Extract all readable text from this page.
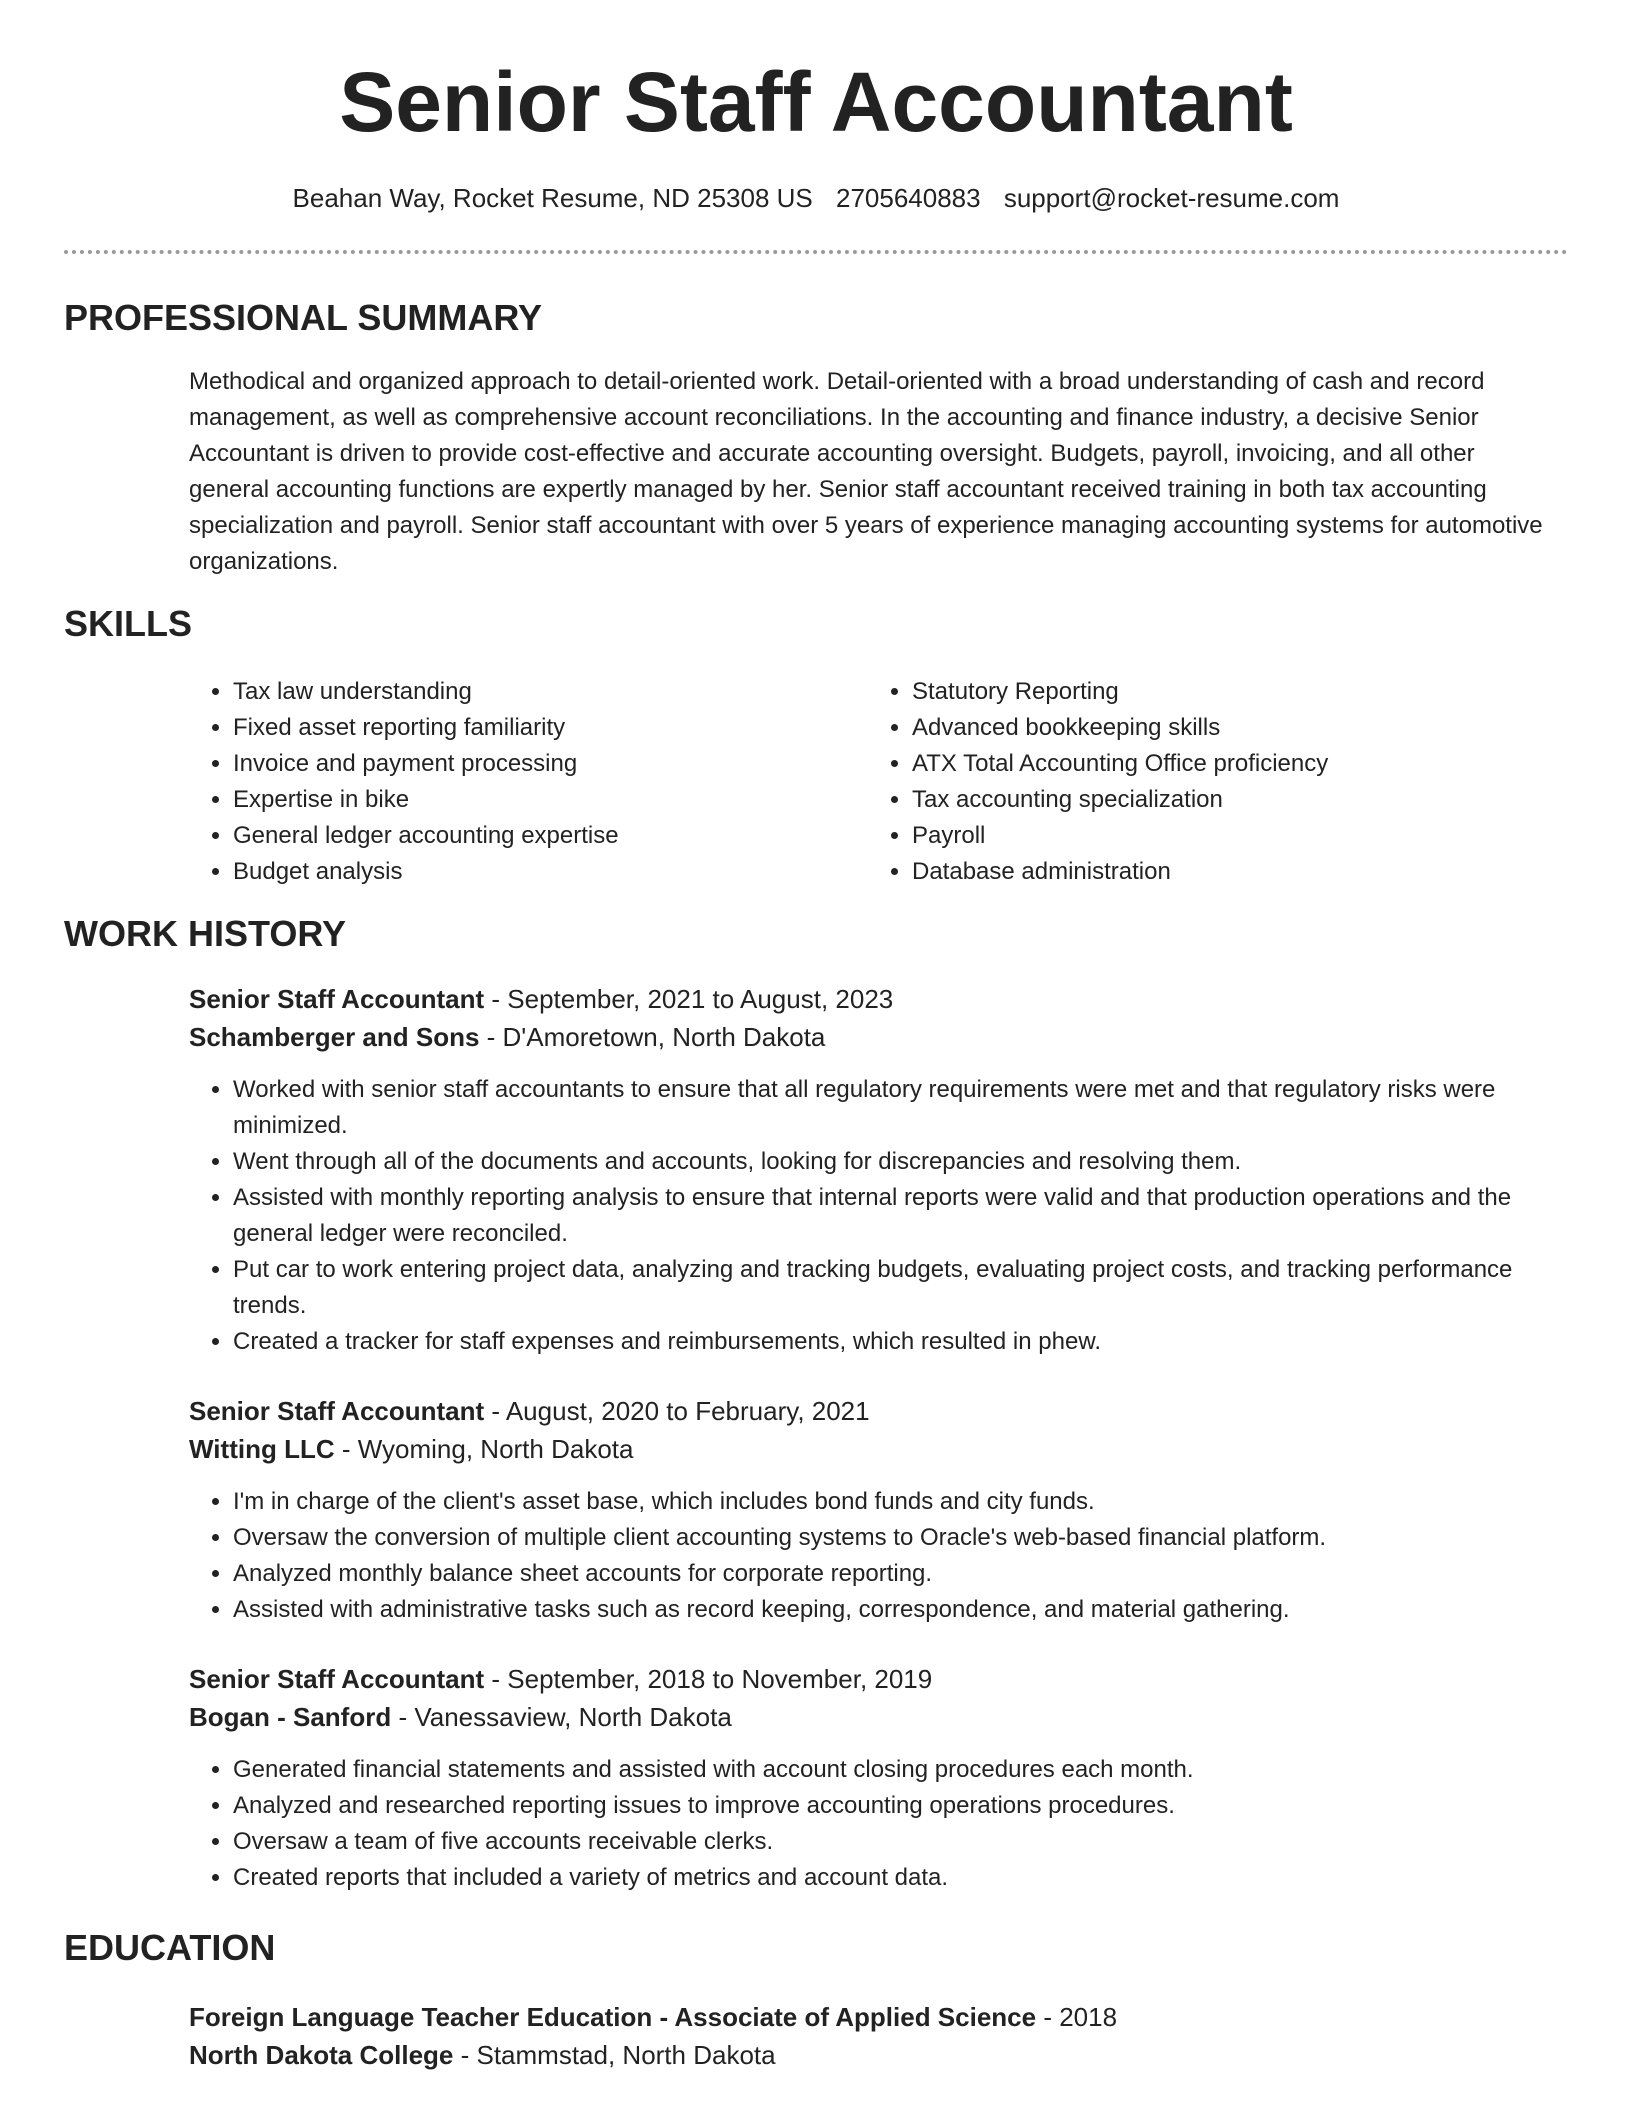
Senior Staff Accountant
Beahan Way, Rocket Resume, ND 25308 US 2705640883 support@rocket-resume.com
PROFESSIONAL SUMMARY
Methodical and organized approach to detail-oriented work. Detail-oriented with a broad understanding of cash and record management, as well as comprehensive account reconciliations. In the accounting and finance industry, a decisive Senior Accountant is driven to provide cost-effective and accurate accounting oversight. Budgets, payroll, invoicing, and all other general accounting functions are expertly managed by her. Senior staff accountant received training in both tax accounting specialization and payroll. Senior staff accountant with over 5 years of experience managing accounting systems for automotive organizations.
SKILLS
• Tax law understanding
• Fixed asset reporting familiarity
• Invoice and payment processing
• Expertise in bike
• General ledger accounting expertise
• Budget analysis
• Statutory Reporting
• Advanced bookkeeping skills
• ATX Total Accounting Office proficiency
• Tax accounting specialization
• Payroll
• Database administration
WORK HISTORY
Senior Staff Accountant - September, 2021 to August, 2023
Schamberger and Sons - D'Amoretown, North Dakota
• Worked with senior staff accountants to ensure that all regulatory requirements were met and that regulatory risks were minimized.
• Went through all of the documents and accounts, looking for discrepancies and resolving them.
• Assisted with monthly reporting analysis to ensure that internal reports were valid and that production operations and the general ledger were reconciled.
• Put car to work entering project data, analyzing and tracking budgets, evaluating project costs, and tracking performance trends.
• Created a tracker for staff expenses and reimbursements, which resulted in phew.
Senior Staff Accountant - August, 2020 to February, 2021
Witting LLC - Wyoming, North Dakota
• I'm in charge of the client's asset base, which includes bond funds and city funds.
• Oversaw the conversion of multiple client accounting systems to Oracle's web-based financial platform.
• Analyzed monthly balance sheet accounts for corporate reporting.
• Assisted with administrative tasks such as record keeping, correspondence, and material gathering.
Senior Staff Accountant - September, 2018 to November, 2019
Bogan - Sanford - Vanessaview, North Dakota
• Generated financial statements and assisted with account closing procedures each month.
• Analyzed and researched reporting issues to improve accounting operations procedures.
• Oversaw a team of five accounts receivable clerks.
• Created reports that included a variety of metrics and account data.
EDUCATION
Foreign Language Teacher Education - Associate of Applied Science - 2018
North Dakota College - Stammstad, North Dakota
